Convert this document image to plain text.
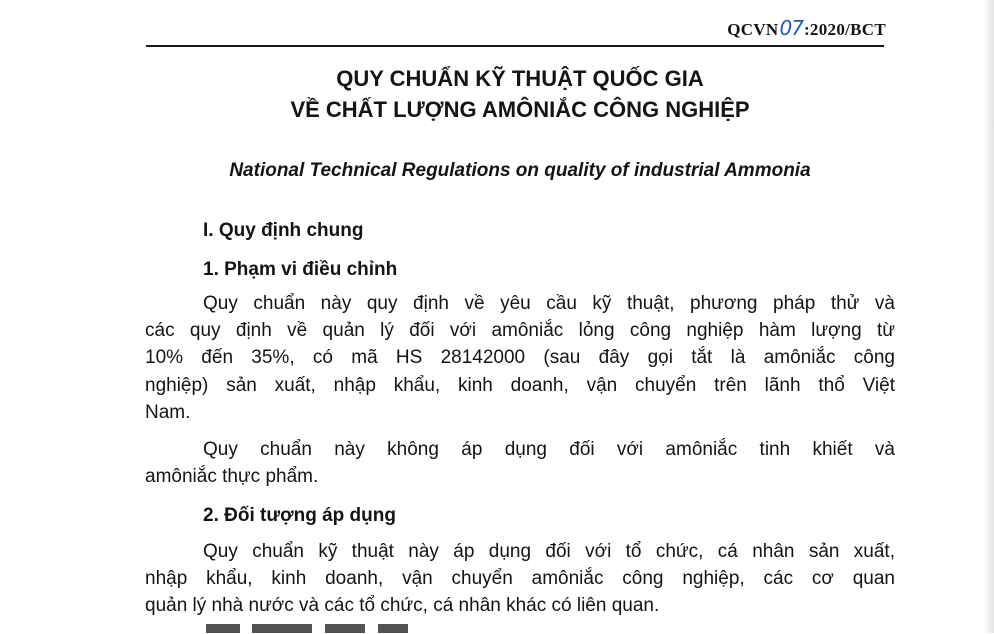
QCVN07:2020/BCT
QUY CHUẨN KỸ THUẬT QUỐC GIA
VỀ CHẤT LƯỢNG AMÔNIẮC CÔNG NGHIỆP
National Technical Regulations on quality of industrial Ammonia
I. Quy định chung
1. Phạm vi điều chỉnh
Quy chuẩn này quy định về yêu cầu kỹ thuật, phương pháp thử và
các quy định về quản lý đối với amôniắc lỏng công nghiệp hàm lượng từ
10% đến 35%, có mã HS 28142000 (sau đây gọi tắt là amôniắc công
nghiệp) sản xuất, nhập khẩu, kinh doanh, vận chuyển trên lãnh thổ Việt
Nam.
Quy chuẩn này không áp dụng đối với amôniắc tinh khiết và
amôniắc thực phẩm.
2. Đối tượng áp dụng
Quy chuẩn kỹ thuật này áp dụng đối với tổ chức, cá nhân sản xuất,
nhập khẩu, kinh doanh, vận chuyển amôniắc công nghiệp, các cơ quan
quản lý nhà nước và các tổ chức, cá nhân khác có liên quan.
